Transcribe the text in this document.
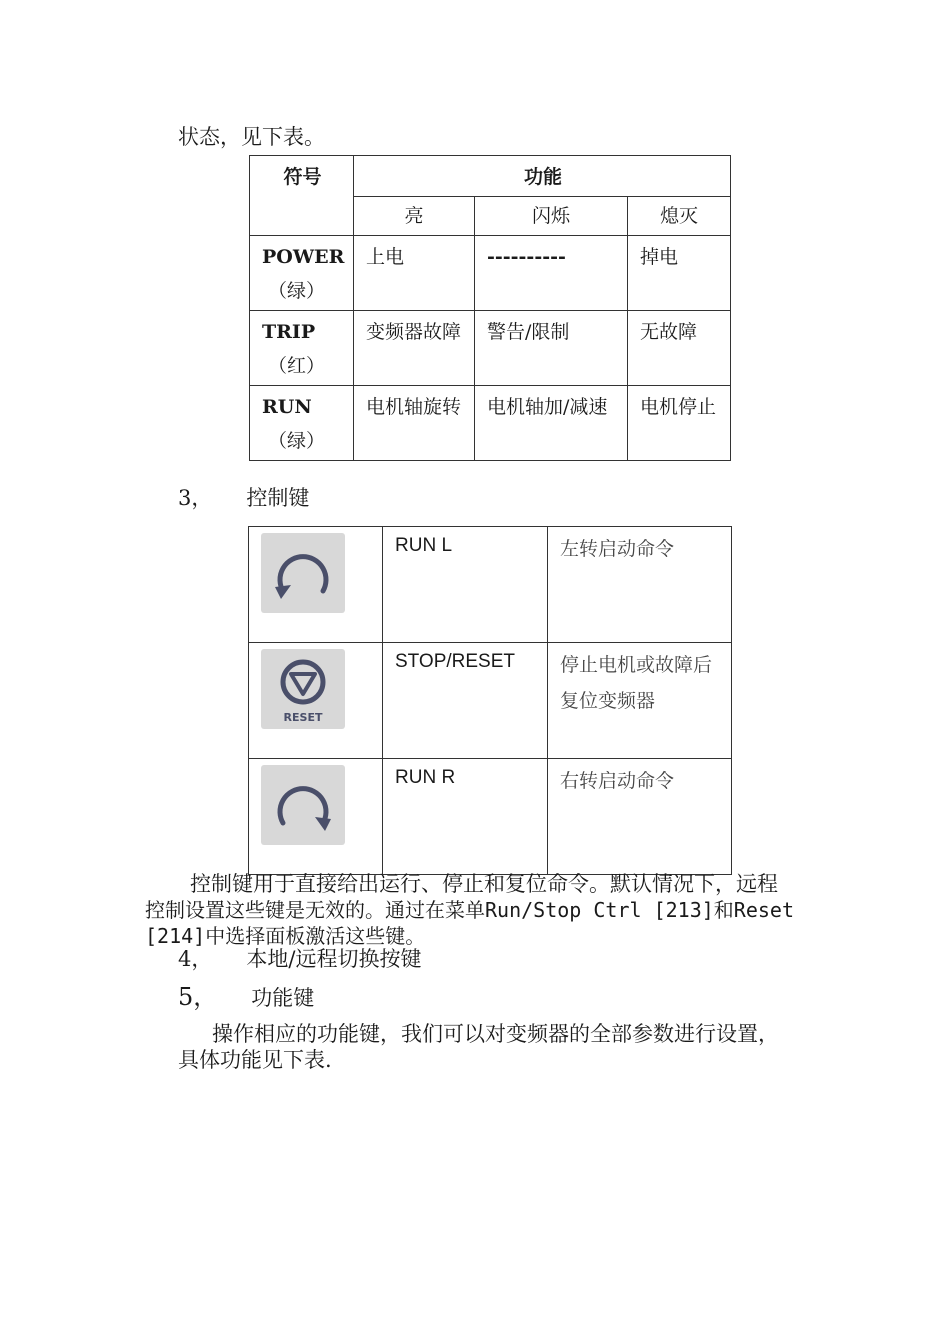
状态，见下表。
符号	功能		
	亮	闪烁	熄灭
POWER
（绿）	上电	----------	掉电
TRIP
（红）	变频器故障	警告/限制	无故障
RUN
（绿）	电机轴旋转	电机轴加/减速	电机停止
3， 控制键
	RUN L	左转启动命令

RESET	STOP/RESET	停止电机或故障后复位变频器

	RUN R	右转启动命令
控制键用于直接给出运行、停止和复位命令。默认情况下，远程
控制设置这些键是无效的。通过在菜单Run/Stop Ctrl [213]和Reset
[214]中选择面板激活这些键。
4， 本地/远程切换按键
5， 功能键
操作相应的功能键，我们可以对变频器的全部参数进行设置，
具体功能见下表.
